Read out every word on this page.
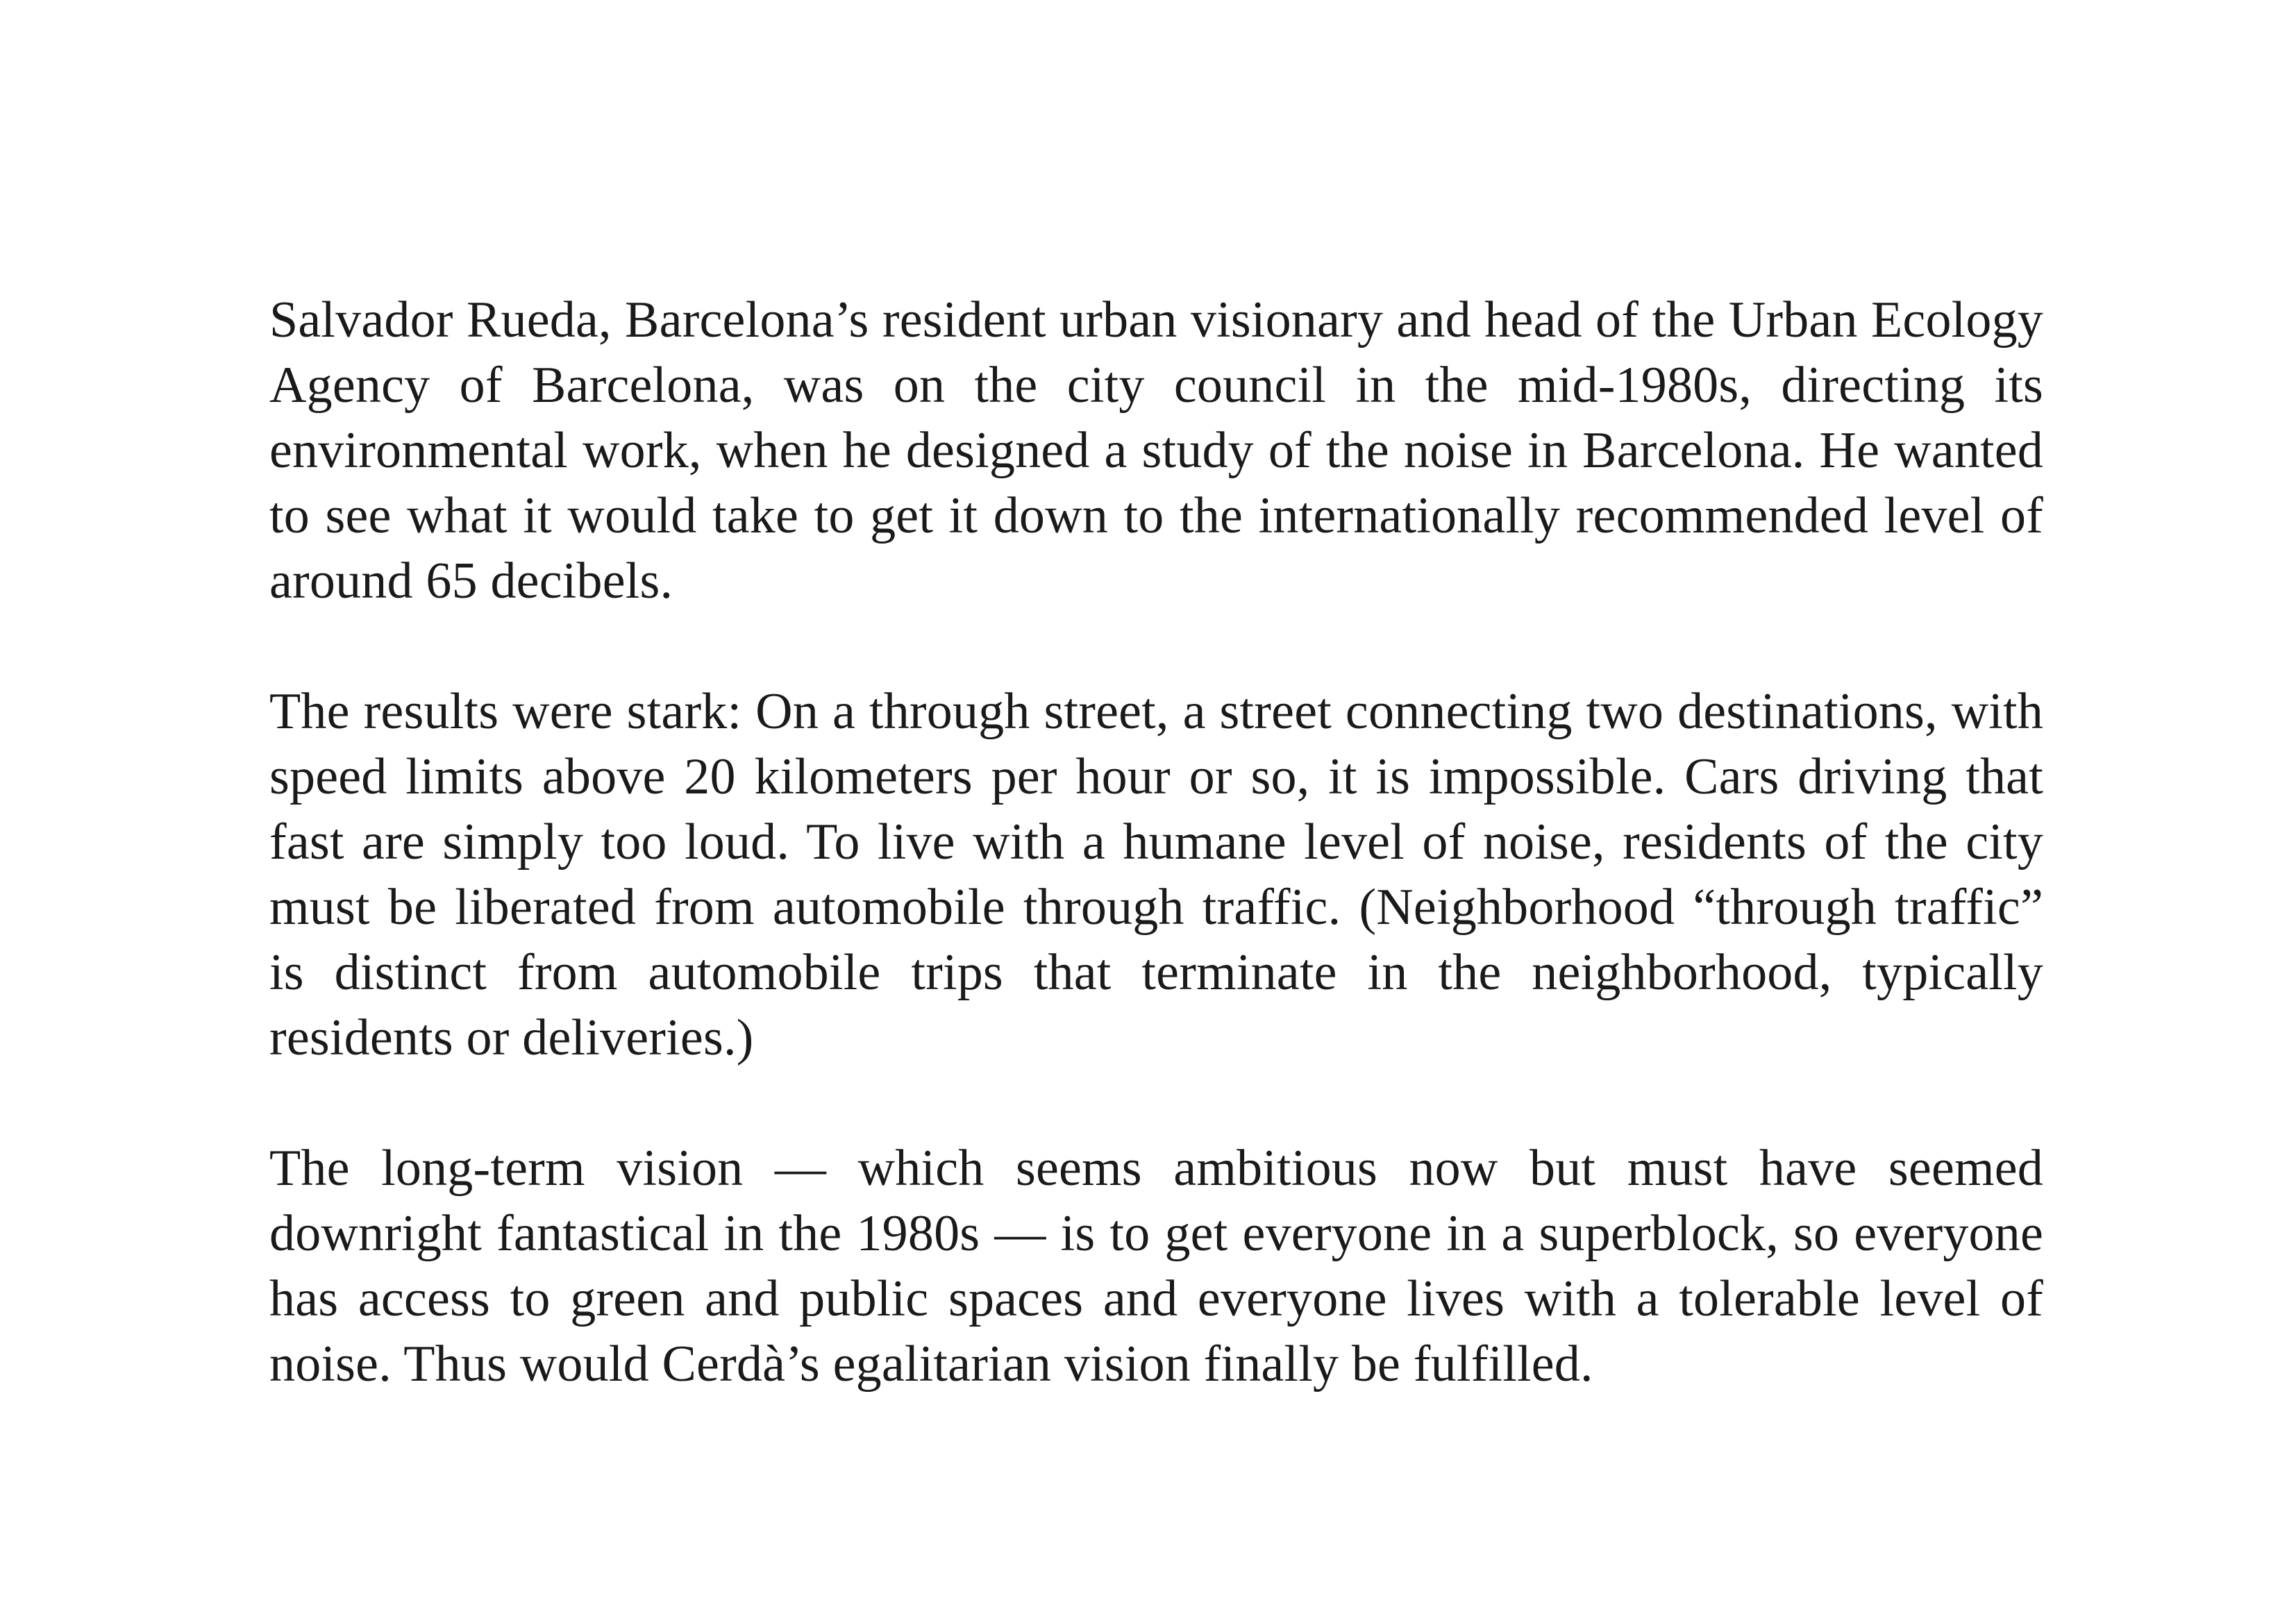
Salvador Rueda, Barcelona’s resident urban visionary and head of the Urban Ecology Agency of Barcelona, was on the city council in the mid-1980s, directing its environmental work, when he designed a study of the noise in Barcelona. He wanted to see what it would take to get it down to the internationally recommended level of around 65 decibels.

The results were stark: On a through street, a street connecting two destinations, with speed limits above 20 kilometers per hour or so, it is impossible. Cars driving that fast are simply too loud. To live with a humane level of noise, residents of the city must be liberated from automobile through traffic. (Neighborhood “through traffic” is distinct from automobile trips that terminate in the neighborhood, typically residents or deliveries.)

The long-term vision — which seems ambitious now but must have seemed downright fantastical in the 1980s — is to get everyone in a superblock, so everyone has access to green and public spaces and everyone lives with a tolerable level of noise. Thus would Cerdà’s egalitarian vision finally be fulfilled.
